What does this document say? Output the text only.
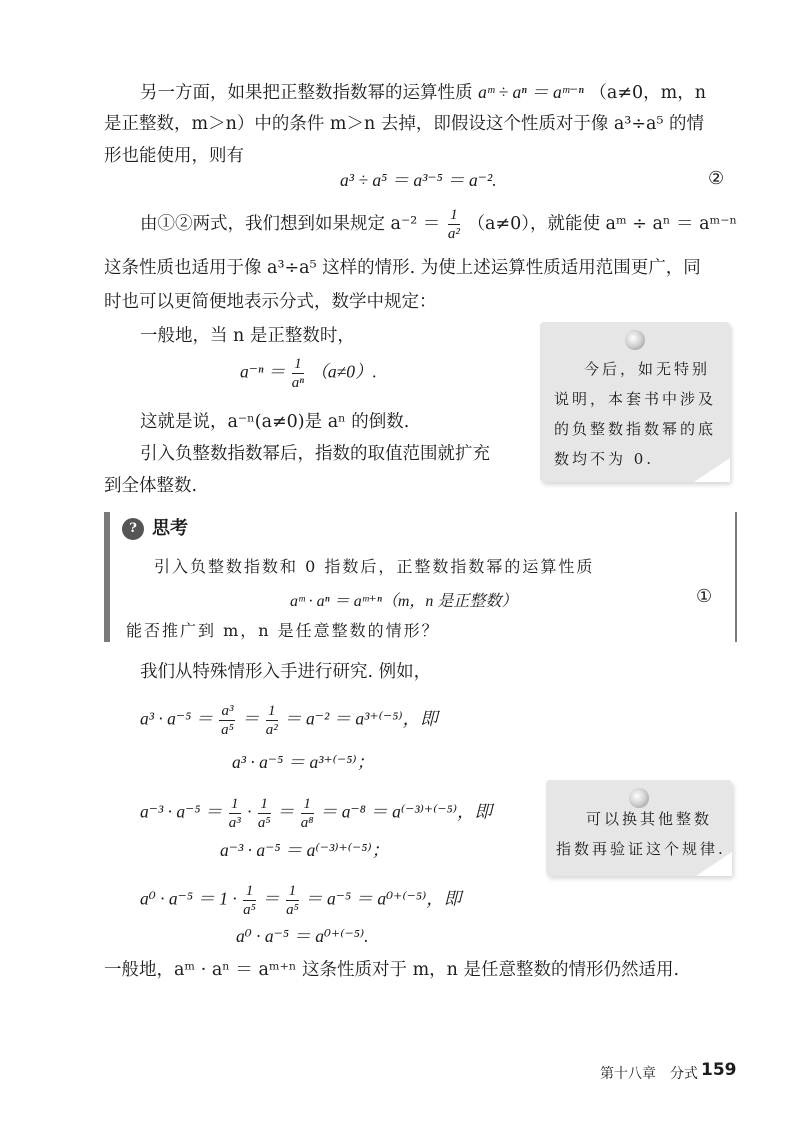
另一方面，如果把正整数指数幂的运算性质 aᵐ ÷ aⁿ ＝ aᵐ⁻ⁿ （a≠0，m，n
是正整数，m＞n）中的条件 m＞n 去掉，即假设这个性质对于像 a³÷a⁵ 的情
形也能使用，则有
a³ ÷ a⁵ ＝ a³⁻⁵ ＝ a⁻².	②
由①②两式，我们想到如果规定 $a^{-2} = \frac{1}{\text{a²}} (a\ne 0)$，就能使 aᵐ ÷ aⁿ ＝ aᵐ⁻ⁿ
这条性质也适用于像 a³÷a⁵ 这样的情形. 为使上述运算性质适用范围更广，同
时也可以更简便地表示分式，数学中规定：
一般地，当 n 是正整数时，
$a^{-n} = \frac{1}{\text{aⁿ}} (a\ne 0)$.
这就是说，a⁻ⁿ(a≠0)是 aⁿ 的倒数.
引入负整数指数幂后，指数的取值范围就扩充
到全体整数.
今后，如无特别说明，本套书中涉及的负整数指数幂的底数均不为 0.
? 思考
引入负整数指数和 0 指数后，正整数指数幂的运算性质
aᵐ · aⁿ ＝ aᵐ⁺ⁿ（m，n 是正整数）	①
能否推广到 m，n 是任意整数的情形？
我们从特殊情形入手进行研究. 例如，
$a^3 \cdot a^{-5} = \frac{\text{a³}}{\text{a⁵}} = \frac{1}{\text{a²}} = a^{-2} = a^{3+(-5)}$，即
a³ · a⁻⁵ ＝ a³⁺⁽⁻⁵⁾；
$a^{-3} \cdot a^{-5} = \frac{1}{\text{a³}} \cdot \frac{1}{\text{a⁵}} = \frac{1}{\text{a⁸}} = a^{-8} = a^{(-3)+(-5)}$，即
a⁻³ · a⁻⁵ ＝ a⁽⁻³⁾⁺⁽⁻⁵⁾；
可以换其他整数指数再验证这个规律.
$a^0 \cdot a^{-5} = 1 \cdot \frac{1}{\text{a⁵}} = \frac{1}{\text{a⁵}} = a^{-5} = a^{0+(-5)}$，即
a⁰ · a⁻⁵ ＝ a⁰⁺⁽⁻⁵⁾.
一般地，aᵐ · aⁿ ＝ aᵐ⁺ⁿ 这条性质对于 m，n 是任意整数的情形仍然适用.
第十八章　分式 159
